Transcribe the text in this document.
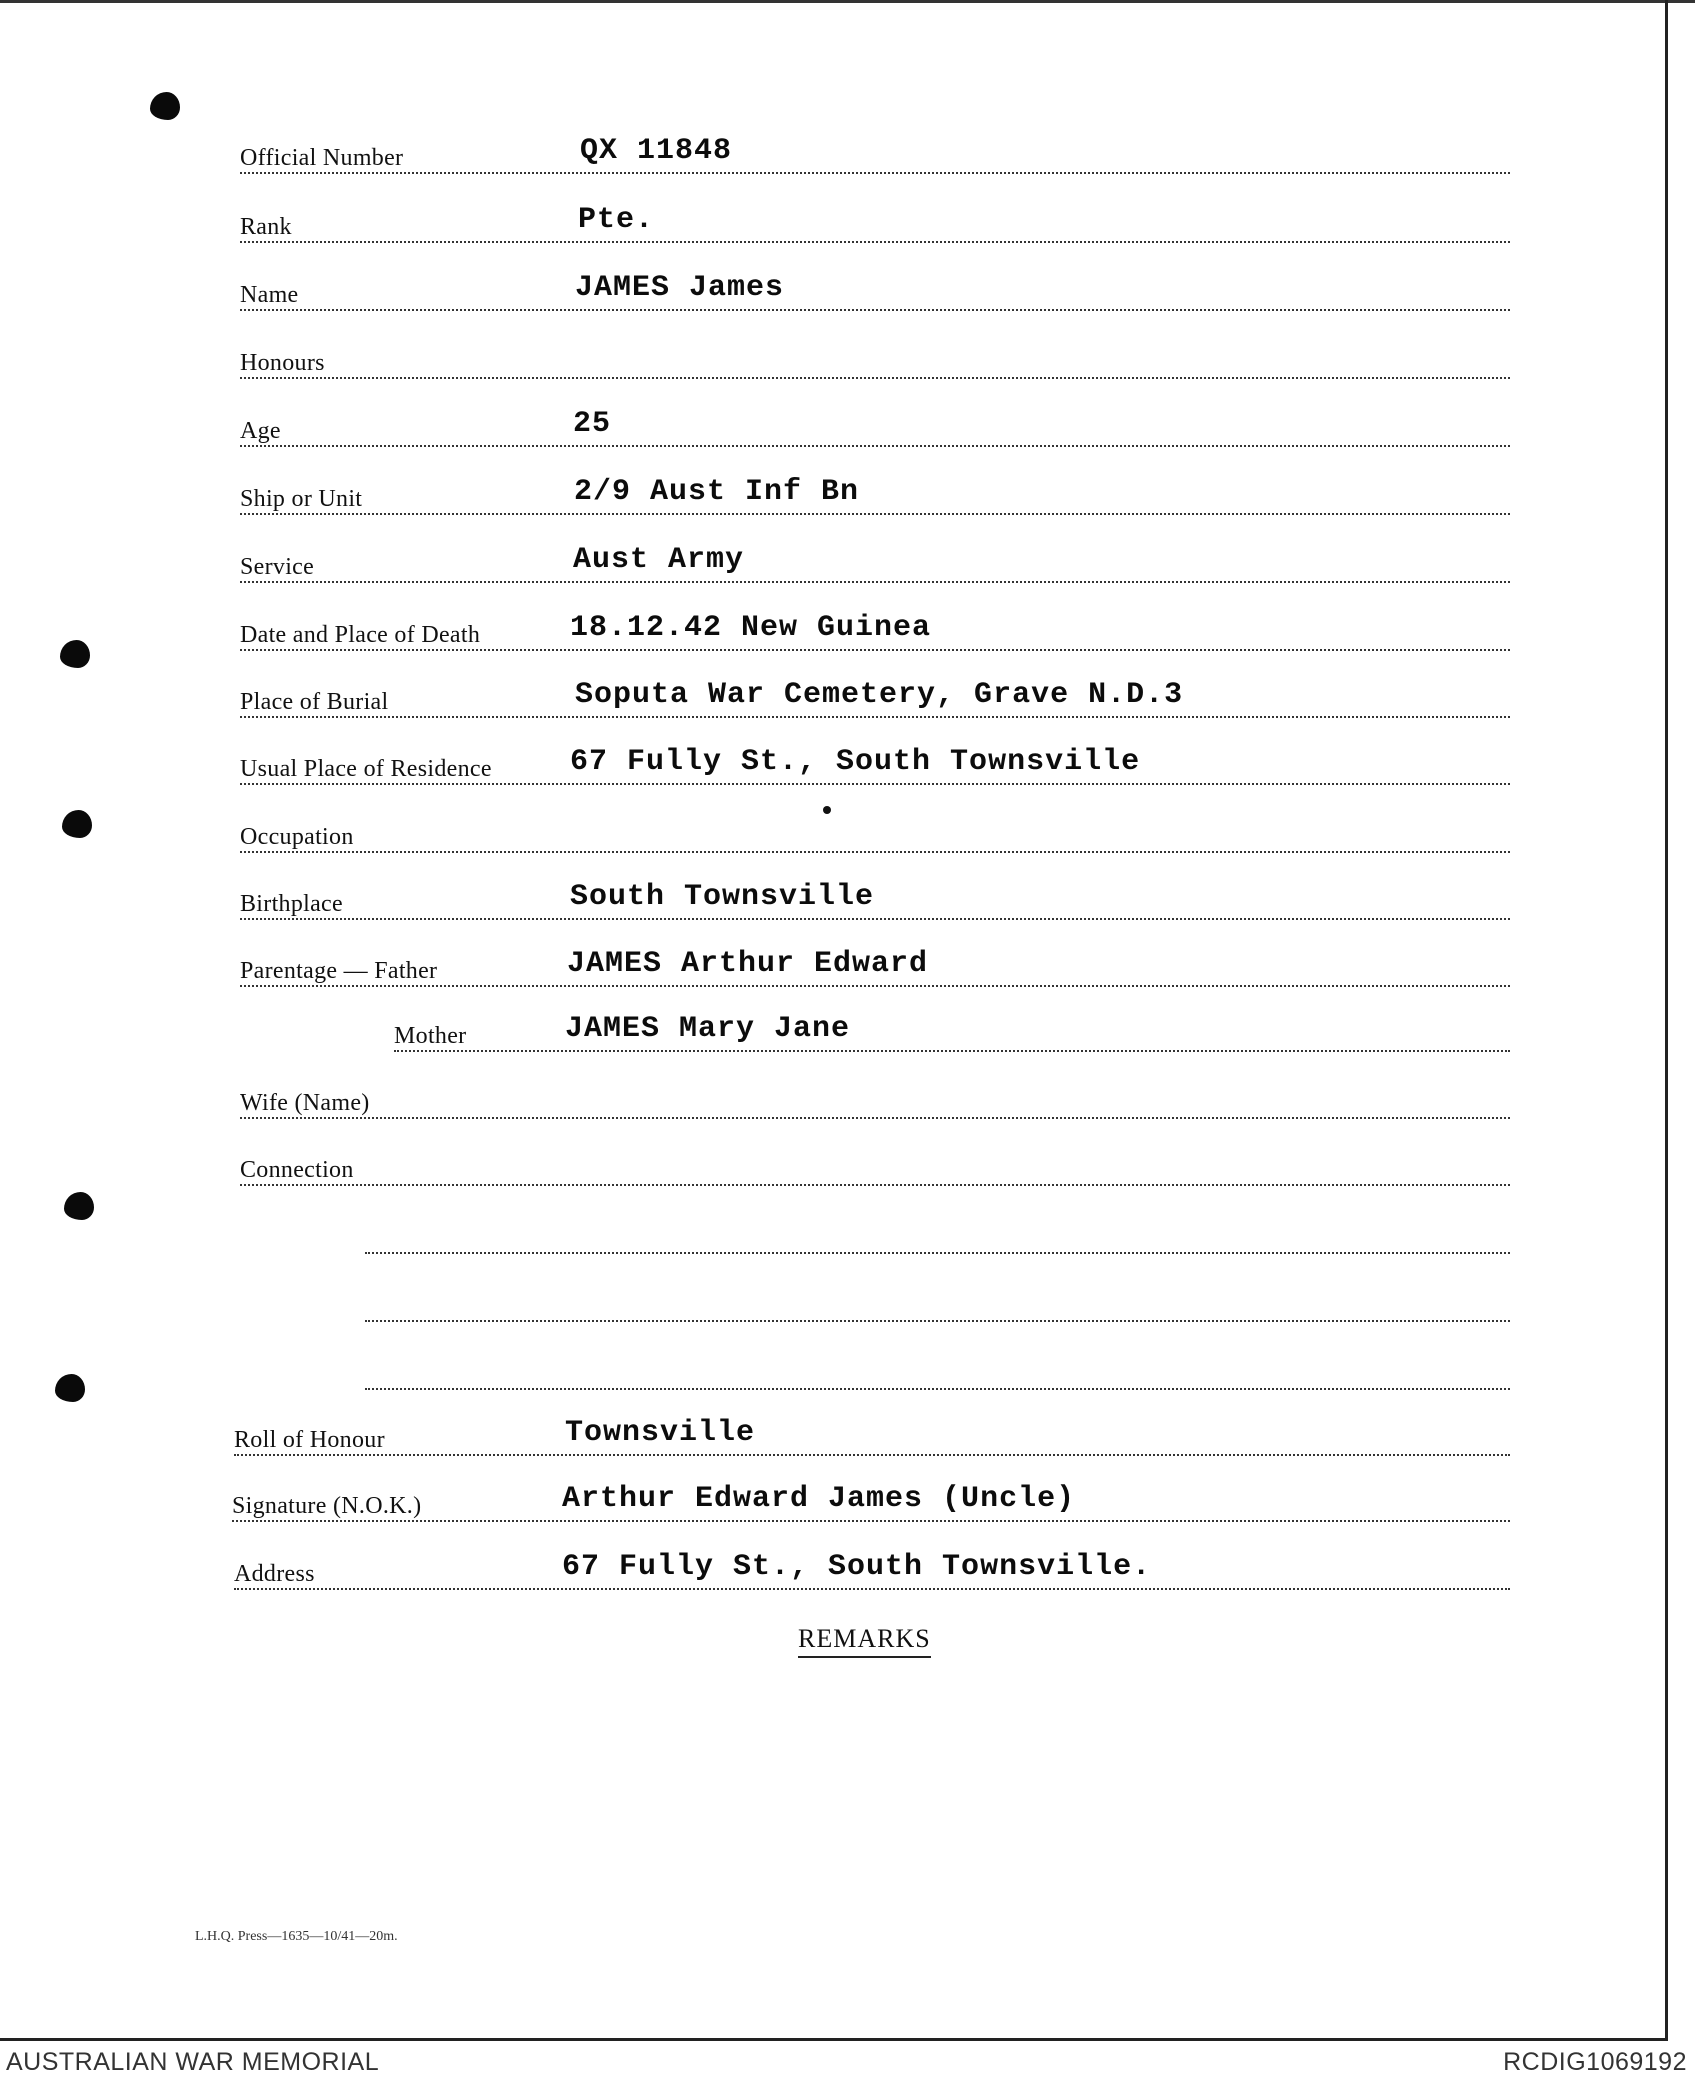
Official Number	QX 11848
Rank	Pte.
Name	JAMES James
Honours
Age	25
Ship or Unit	2/9 Aust Inf Bn
Service	Aust Army
Date and Place of Death	18.12.42 New Guinea
Place of Burial	Soputa War Cemetery, Grave N.D.3
Usual Place of Residence	67 Fully St., South Townsville
Occupation
Birthplace	South Townsville
Parentage — Father	JAMES Arthur Edward
Mother	JAMES Mary Jane
Wife (Name)
Connection
Roll of Honour	Townsville
Signature (N.O.K.)	Arthur Edward James (Uncle)
Address	67 Fully St., South Townsville.
REMARKS
L.H.Q. Press—1635—10/41—20m.
AUSTRALIAN WAR MEMORIAL	RCDIG1069192
